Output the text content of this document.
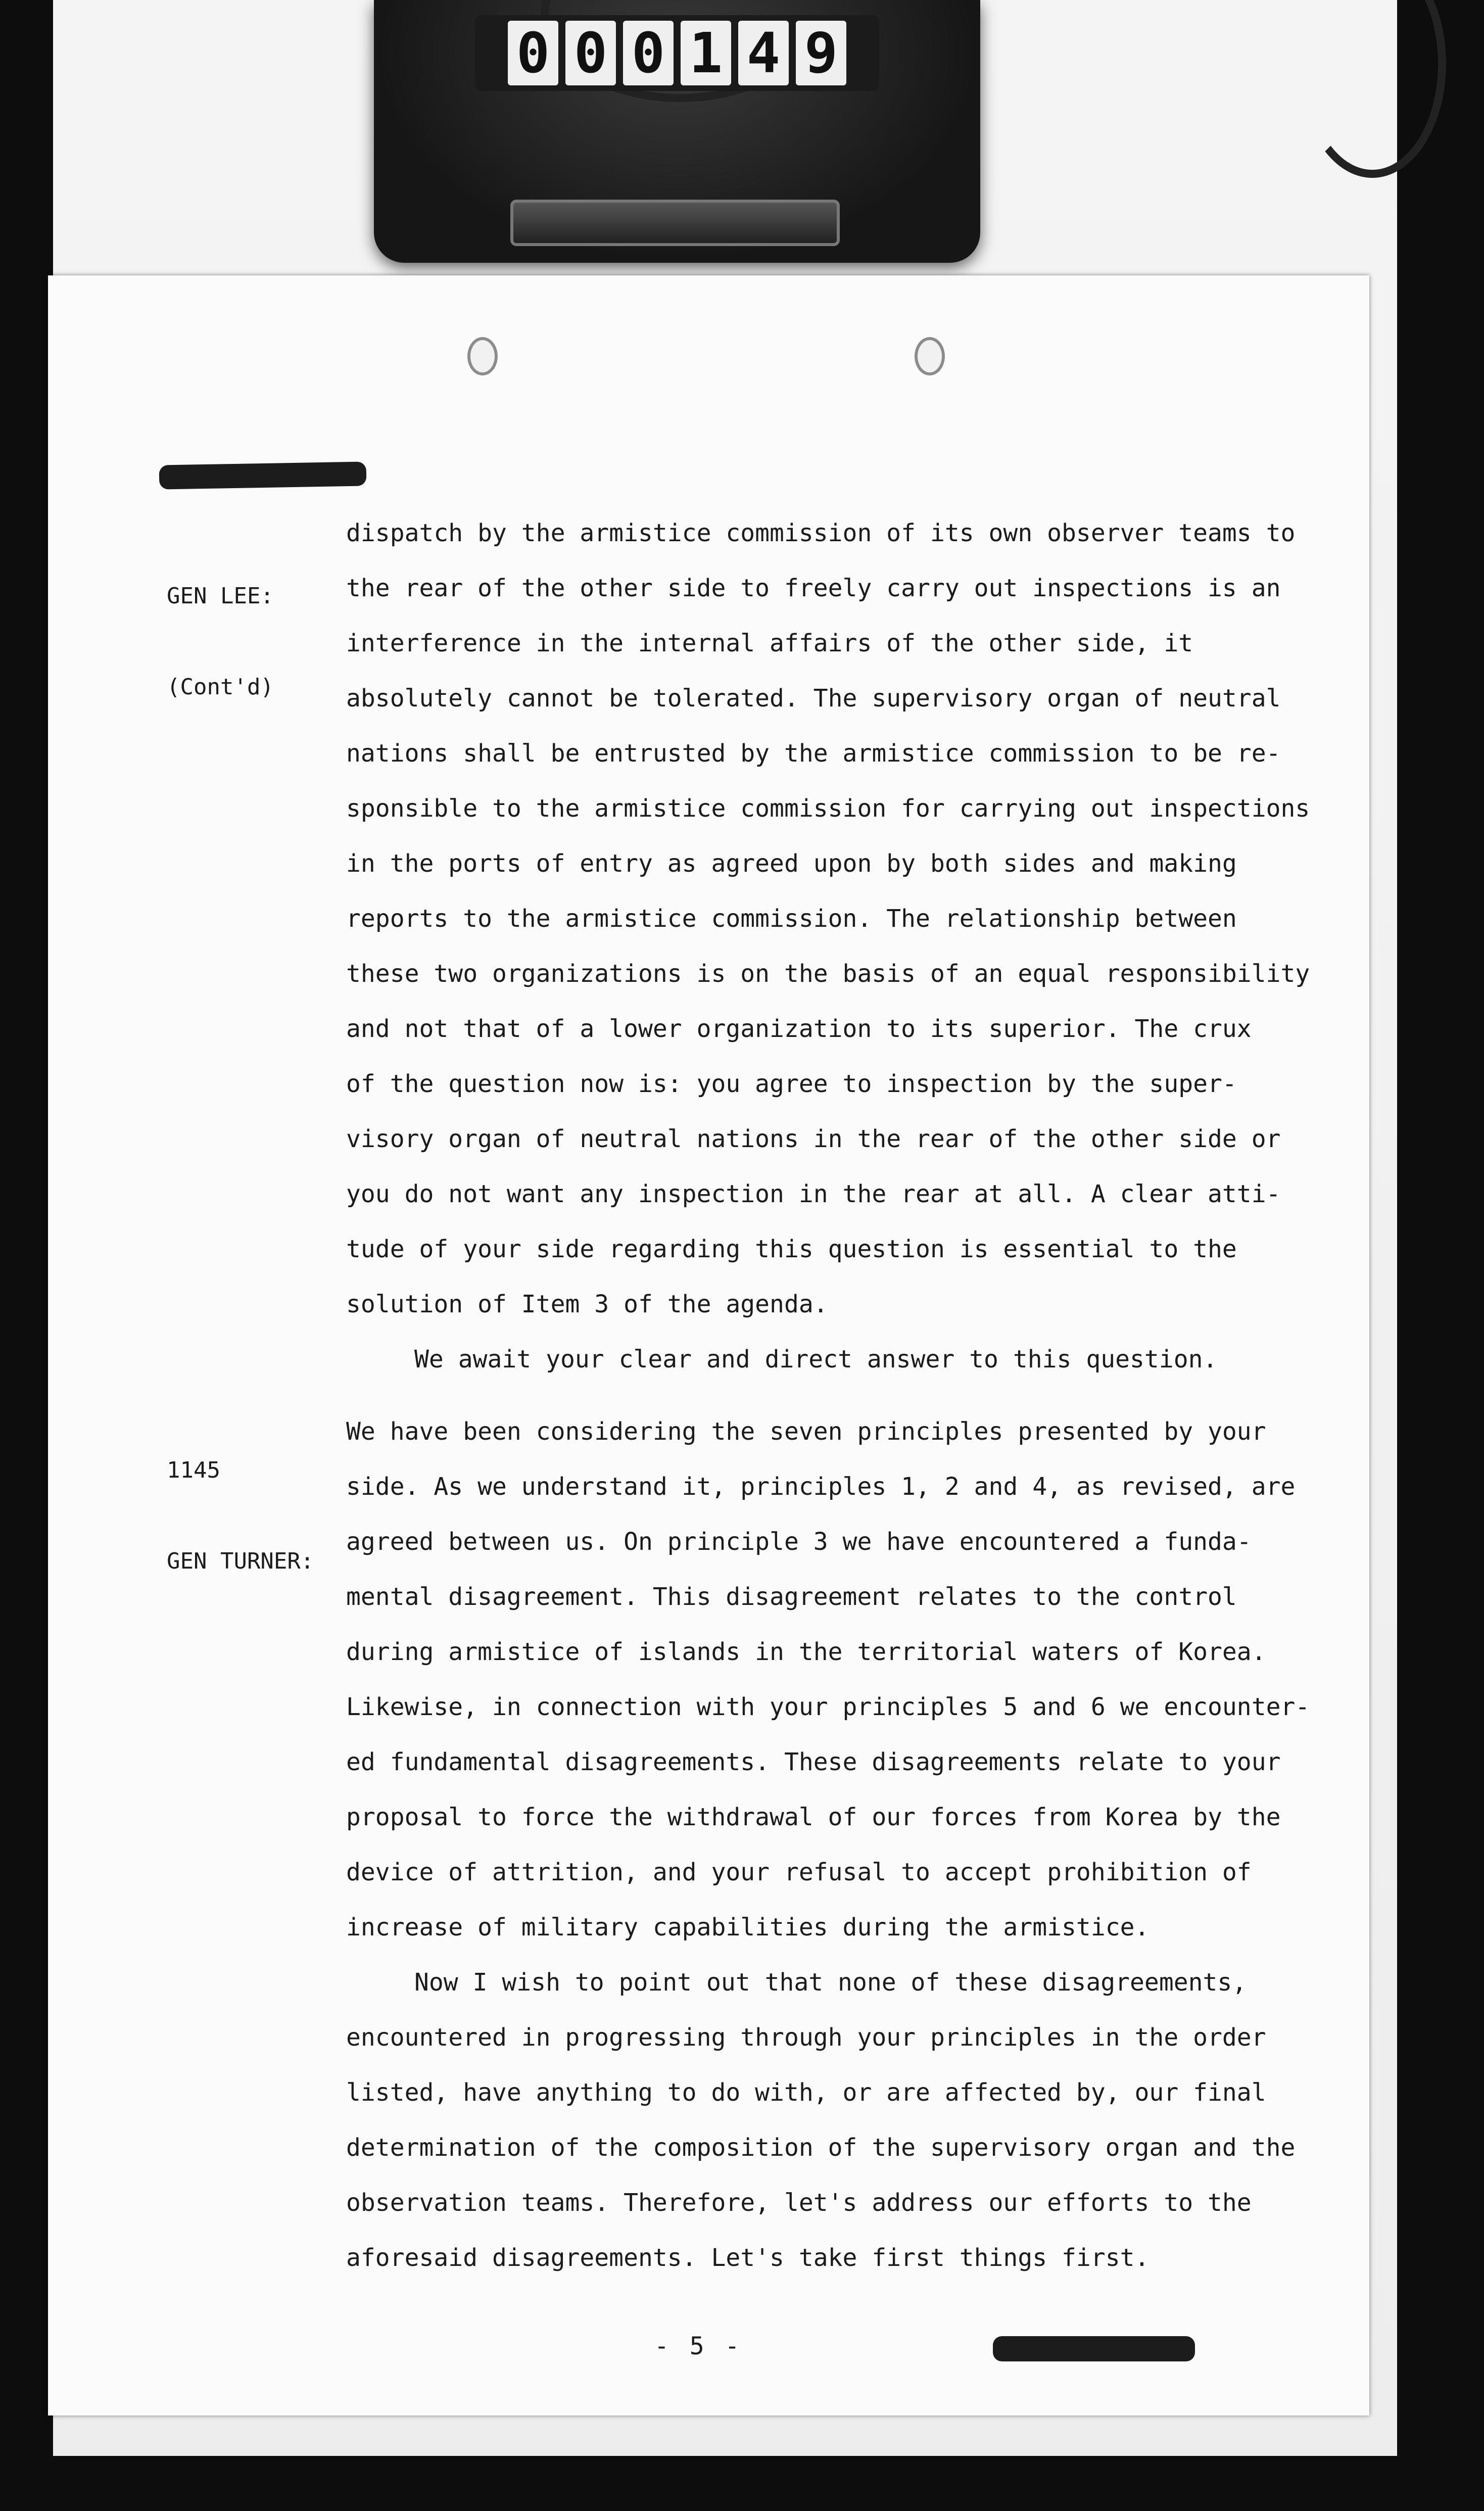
0 0 0 1 4 9

GEN LEE:

(Cont'd)

dispatch by the armistice commission of its own observer teams to
the rear of the other side to freely carry out inspections is an
interference in the internal affairs of the other side, it
absolutely cannot be tolerated. The supervisory organ of neutral
nations shall be entrusted by the armistice commission to be re-
sponsible to the armistice commission for carrying out inspections
in the ports of entry as agreed upon by both sides and making
reports to the armistice commission. The relationship between
these two organizations is on the basis of an equal responsibility
and not that of a lower organization to its superior. The crux
of the question now is: you agree to inspection by the super-
visory organ of neutral nations in the rear of the other side or
you do not want any inspection in the rear at all. A clear atti-
tude of your side regarding this question is essential to the
solution of Item 3 of the agenda.
We await your clear and direct answer to this question.

1145

GEN TURNER:

We have been considering the seven principles presented by your
side. As we understand it, principles 1, 2 and 4, as revised, are
agreed between us. On principle 3 we have encountered a funda-
mental disagreement. This disagreement relates to the control
during armistice of islands in the territorial waters of Korea.
Likewise, in connection with your principles 5 and 6 we encounter-
ed fundamental disagreements. These disagreements relate to your
proposal to force the withdrawal of our forces from Korea by the
device of attrition, and your refusal to accept prohibition of
increase of military capabilities during the armistice.
Now I wish to point out that none of these disagreements,
encountered in progressing through your principles in the order
listed, have anything to do with, or are affected by, our final
determination of the composition of the supervisory organ and the
observation teams. Therefore, let's address our efforts to the
aforesaid disagreements. Let's take first things first.
- 5 -
